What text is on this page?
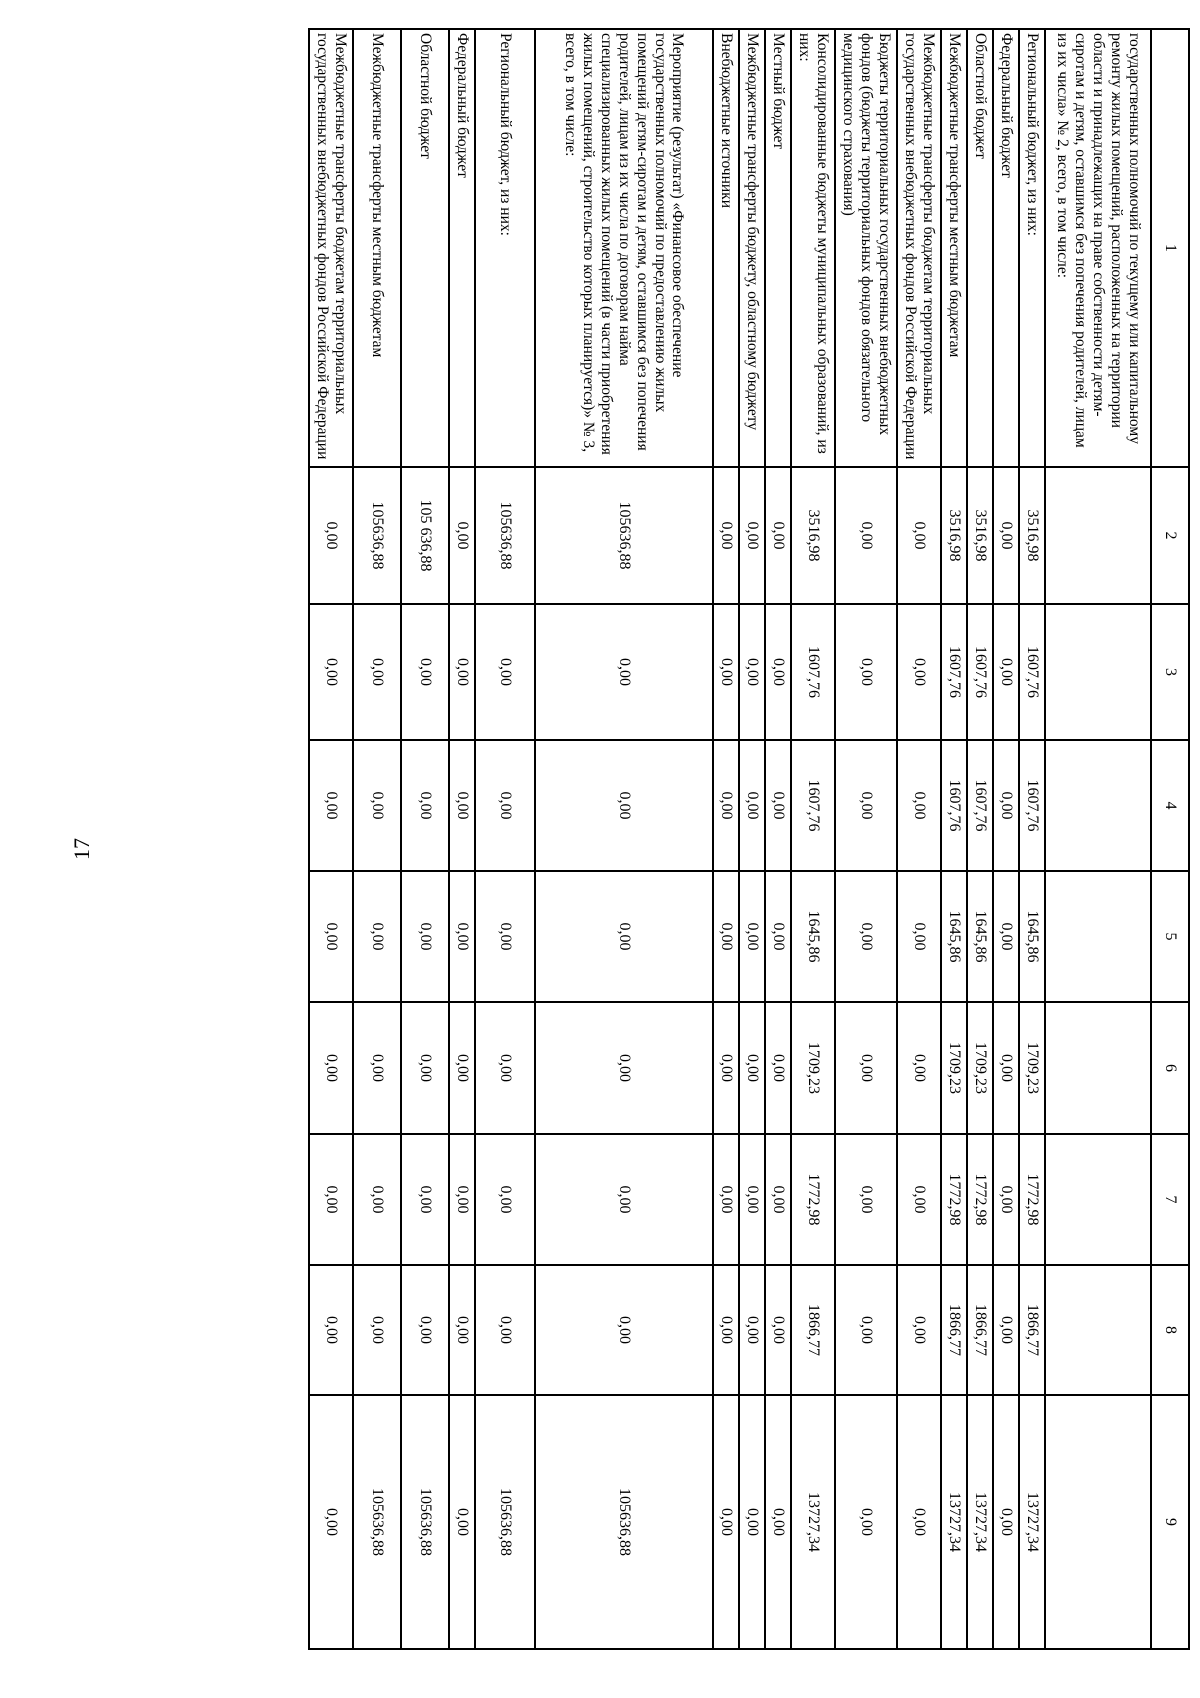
17
1	2	3	4	5	6	7	8	9
государственных полномочий по текущему или капитальному ремонту жилых помещений, расположенных на территории области и принадлежащих на праве собственности детям-сиротам и детям, оставшимся без попечения родителей, лицам из их числа» № 2, всего, в том числе:								
Региональный бюджет, из них:	3516,98	1607,76	1607,76	1645,86	1709,23	1772,98	1866,77	13727,34
Федеральный бюджет	0,00	0,00	0,00	0,00	0,00	0,00	0,00	0,00
Областной бюджет	3516,98	1607,76	1607,76	1645,86	1709,23	1772,98	1866,77	13727,34
Межбюджетные трансферты местным бюджетам	3516,98	1607,76	1607,76	1645,86	1709,23	1772,98	1866,77	13727,34
Межбюджетные трансферты бюджетам территориальных государственных внебюджетных фондов Российской Федерации	0,00	0,00	0,00	0,00	0,00	0,00	0,00	0,00
Бюджеты территориальных государственных внебюджетных фондов (бюджеты территориальных фондов обязательного медицинского страхования)	0,00	0,00	0,00	0,00	0,00	0,00	0,00	0,00
Консолидированные бюджеты муниципальных образований, из них:	3516,98	1607,76	1607,76	1645,86	1709,23	1772,98	1866,77	13727,34
Местный бюджет	0,00	0,00	0,00	0,00	0,00	0,00	0,00	0,00
Межбюджетные трансферты бюджету, областному бюджету	0,00	0,00	0,00	0,00	0,00	0,00	0,00	0,00
Внебюджетные источники	0,00	0,00	0,00	0,00	0,00	0,00	0,00	0,00
Мероприятие (результат) «Финансовое обеспечение государственных полномочий по предоставлению жилых помещений детям-сиротам и детям, оставшимся без попечения родителей, лицам из их числа по договорам найма специализированных жилых помещений (в части приобретения жилых помещений, строительство которых планируется)» № 3, всего, в том числе:	105636,88	0,00	0,00	0,00	0,00	0,00	0,00	105636,88
Региональный бюджет, из них:	105636,88	0,00	0,00	0,00	0,00	0,00	0,00	105636,88
Федеральный бюджет	0,00	0,00	0,00	0,00	0,00	0,00	0,00	0,00
Областной бюджет	105 636,88	0,00	0,00	0,00	0,00	0,00	0,00	105636,88
Межбюджетные трансферты местным бюджетам	105636,88	0,00	0,00	0,00	0,00	0,00	0,00	105636,88
Межбюджетные трансферты бюджетам территориальных государственных внебюджетных фондов Российской Федерации	0,00	0,00	0,00	0,00	0,00	0,00	0,00	0,00
